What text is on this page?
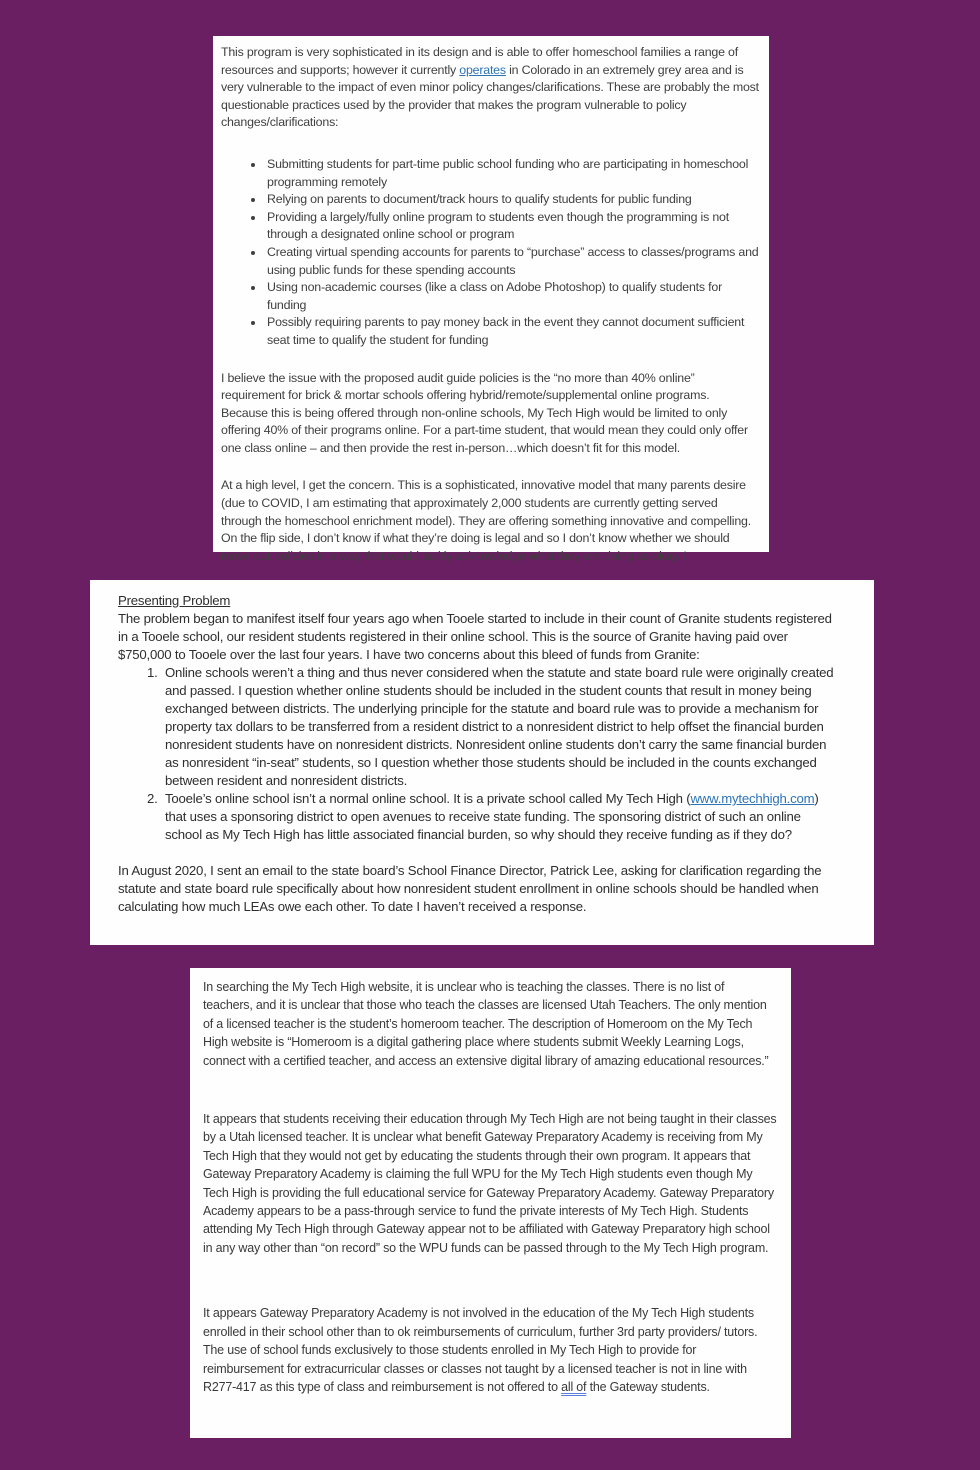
This program is very sophisticated in its design and is able to offer homeschool families a range of resources and supports; however it currently operates in Colorado in an extremely grey area and is very vulnerable to the impact of even minor policy changes/clarifications. These are probably the most questionable practices used by the provider that makes the program vulnerable to policy changes/clarifications:

• Submitting students for part-time public school funding who are participating in homeschool programming remotely
• Relying on parents to document/track hours to qualify students for public funding
• Providing a largely/fully online program to students even though the programming is not through a designated online school or program
• Creating virtual spending accounts for parents to “purchase” access to classes/programs and using public funds for these spending accounts
• Using non-academic courses (like a class on Adobe Photoshop) to qualify students for funding
• Possibly requiring parents to pay money back in the event they cannot document sufficient seat time to qualify the student for funding

I believe the issue with the proposed audit guide policies is the “no more than 40% online” requirement for brick & mortar schools offering hybrid/remote/supplemental online programs. Because this is being offered through non-online schools, My Tech High would be limited to only offering 40% of their programs online. For a part-time student, that would mean they could only offer one class online – and then provide the rest in-person…which doesn’t fit for this model.

At a high level, I get the concern. This is a sophisticated, innovative model that many parents desire (due to COVID, I am estimating that approximately 2,000 students are currently getting served through the homeschool enrichment model). They are offering something innovative and compelling. On the flip side, I don’t know if what they’re doing is legal and so I don’t know whether we should move our policies in a way that would tacitly acknowledge what they are doing as okay. I

Presenting Problem

The problem began to manifest itself four years ago when Tooele started to include in their count of Granite students registered in a Tooele school, our resident students registered in their online school. This is the source of Granite having paid over $750,000 to Tooele over the last four years. I have two concerns about this bleed of funds from Granite:

1. Online schools weren’t a thing and thus never considered when the statute and state board rule were originally created and passed. I question whether online students should be included in the student counts that result in money being exchanged between districts. The underlying principle for the statute and board rule was to provide a mechanism for property tax dollars to be transferred from a resident district to a nonresident district to help offset the financial burden nonresident students have on nonresident districts. Nonresident online students don’t carry the same financial burden as nonresident “in-seat” students, so I question whether those students should be included in the counts exchanged between resident and nonresident districts.
2. Tooele’s online school isn’t a normal online school. It is a private school called My Tech High (www.mytechhigh.com) that uses a sponsoring district to open avenues to receive state funding. The sponsoring district of such an online school as My Tech High has little associated financial burden, so why should they receive funding as if they do?

In August 2020, I sent an email to the state board’s School Finance Director, Patrick Lee, asking for clarification regarding the statute and state board rule specifically about how nonresident student enrollment in online schools should be handled when calculating how much LEAs owe each other. To date I haven’t received a response.

In searching the My Tech High website, it is unclear who is teaching the classes. There is no list of teachers, and it is unclear that those who teach the classes are licensed Utah Teachers. The only mention of a licensed teacher is the student’s homeroom teacher. The description of Homeroom on the My Tech High website is “Homeroom is a digital gathering place where students submit Weekly Learning Logs, connect with a certified teacher, and access an extensive digital library of amazing educational resources.”

It appears that students receiving their education through My Tech High are not being taught in their classes by a Utah licensed teacher. It is unclear what benefit Gateway Preparatory Academy is receiving from My Tech High that they would not get by educating the students through their own program. It appears that Gateway Preparatory Academy is claiming the full WPU for the My Tech High students even though My Tech High is providing the full educational service for Gateway Preparatory Academy. Gateway Preparatory Academy appears to be a pass-through service to fund the private interests of My Tech High. Students attending My Tech High through Gateway appear not to be affiliated with Gateway Preparatory high school in any way other than “on record” so the WPU funds can be passed through to the My Tech High program.

It appears Gateway Preparatory Academy is not involved in the education of the My Tech High students enrolled in their school other than to ok reimbursements of curriculum, further 3rd party providers/ tutors. The use of school funds exclusively to those students enrolled in My Tech High to provide for reimbursement for extracurricular classes or classes not taught by a licensed teacher is not in line with R277-417 as this type of class and reimbursement is not offered to all of the Gateway students.
